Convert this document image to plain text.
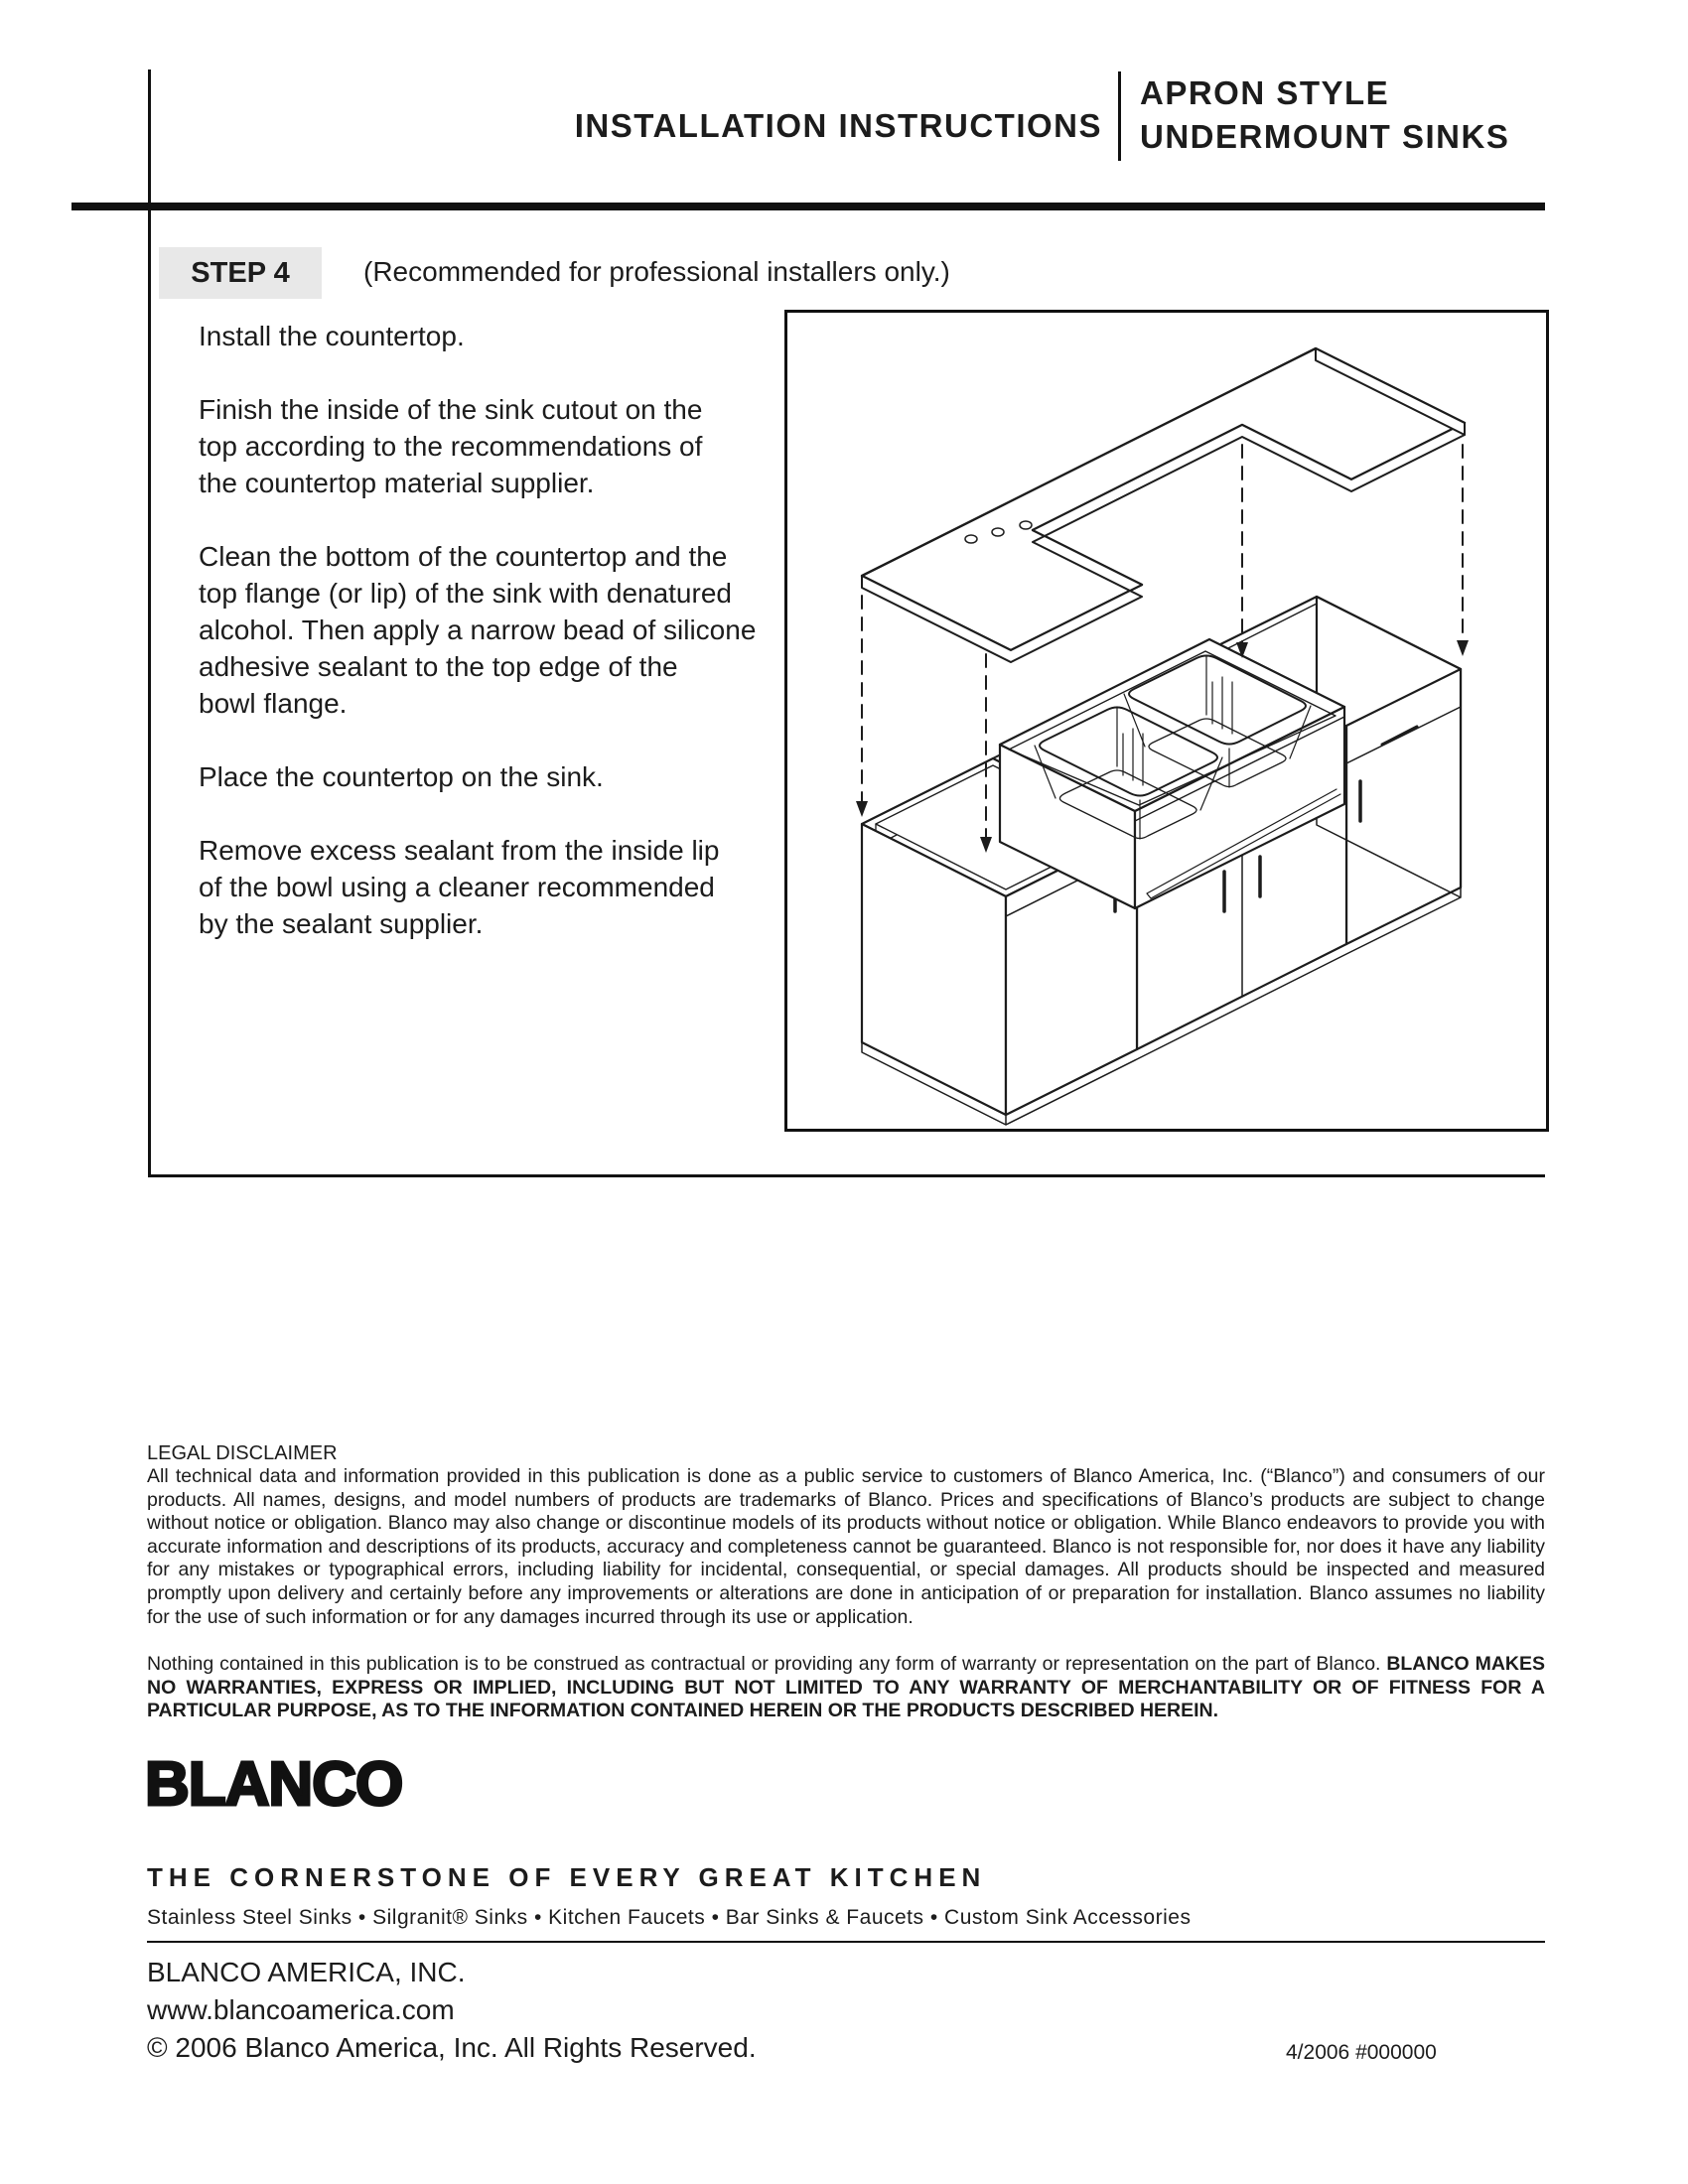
INSTALLATION INSTRUCTIONS
APRON STYLE
UNDERMOUNT SINKS
STEP 4	(Recommended for professional installers only.)
Install the countertop.
Finish the inside of the sink cutout on the
top according to the recommendations of
the countertop material supplier.
Clean the bottom of the countertop and the
top flange (or lip) of the sink with denatured
alcohol. Then apply a narrow bead of silicone
adhesive sealant to the top edge of the
bowl flange.
Place the countertop on the sink.
Remove excess sealant from the inside lip
of the bowl using a cleaner recommended
by the sealant supplier.
LEGAL DISCLAIMER

All technical data and information provided in this publication is done as a public service to customers of Blanco America, Inc. (“Blanco”) and consumers of our products. All names, designs, and model numbers of products are trademarks of Blanco. Prices and specifications of Blanco’s products are subject to change without notice or obligation. Blanco may also change or discontinue models of its products without notice or obligation. While Blanco endeavors to provide you with accurate information and descriptions of its products, accuracy and completeness cannot be guaranteed. Blanco is not responsible for, nor does it have any liability for any mistakes or typographical errors, including liability for incidental, consequential, or special damages. All products should be inspected and measured promptly upon delivery and certainly before any improvements or alterations are done in anticipation of or preparation for installation. Blanco assumes no liability for the use of such information or for any damages incurred through its use or application.

Nothing contained in this publication is to be construed as contractual or providing any form of warranty or representation on the part of Blanco. BLANCO MAKES NO WARRANTIES, EXPRESS OR IMPLIED, INCLUDING BUT NOT LIMITED TO ANY WARRANTY OF MERCHANTABILITY OR OF FITNESS FOR A PARTICULAR PURPOSE, AS TO THE INFORMATION CONTAINED HEREIN OR THE PRODUCTS DESCRIBED HEREIN.

BLANCO
THE CORNERSTONE OF EVERY GREAT KITCHEN
Stainless Steel Sinks • Silgranit® Sinks • Kitchen Faucets • Bar Sinks & Faucets • Custom Sink Accessories
BLANCO AMERICA, INC.
www.blancoamerica.com
© 2006 Blanco America, Inc. All Rights Reserved.	4/2006 #000000
